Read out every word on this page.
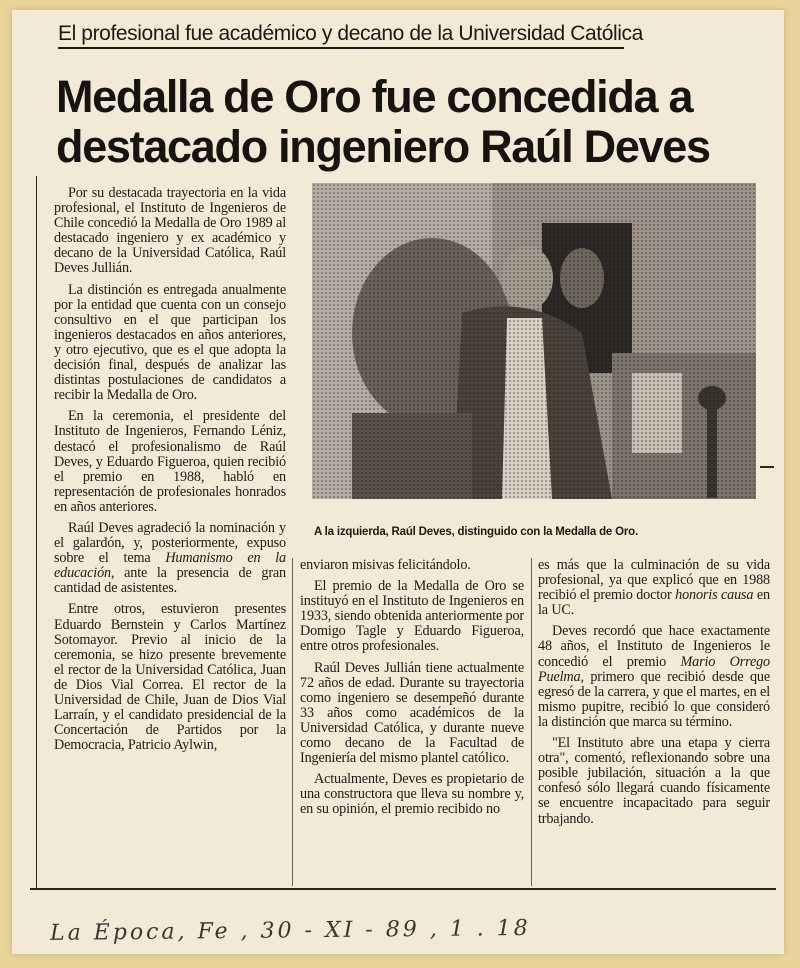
El profesional fue académico y decano de la Universidad Católica
Medalla de Oro fue concedida a
destacado ingeniero Raúl Deves

Por su destacada trayectoria en la vida profesional, el Instituto de Ingenieros de Chile concedió la Medalla de Oro 1989 al destacado ingeniero y ex académico y decano de la Universidad Católica, Raúl Deves Jullián.

La distinción es entregada anualmente por la entidad que cuenta con un consejo consultivo en el que participan los ingenieros destacados en años anteriores, y otro ejecutivo, que es el que adopta la decisión final, después de analizar las distintas postulaciones de candidatos a recibir la Medalla de Oro.

En la ceremonia, el presidente del Instituto de Ingenieros, Fernando Léniz, destacó el profesionalismo de Raúl Deves, y Eduardo Figueroa, quien recibió el premio en 1988, habló en representación de profesionales honrados en años anteriores.

Raúl Deves agradeció la nominación y el galardón, y, posteriormente, expuso sobre el tema Humanismo en la educación, ante la presencia de gran cantidad de asistentes.

Entre otros, estuvieron presentes Eduardo Bernstein y Carlos Martínez Sotomayor. Previo al inicio de la ceremonia, se hizo presente brevemente el rector de la Universidad Católica, Juan de Dios Vial Correa. El rector de la Universidad de Chile, Juan de Dios Vial Larraín, y el candidato presidencial de la Concertación de Partidos por la Democracia, Patricio Aylwin,

A la izquierda, Raúl Deves, distinguido con la Medalla de Oro.

enviaron misivas felicitándolo.

El premio de la Medalla de Oro se instituyó en el Instituto de Ingenieros en 1933, siendo obtenida anteriormente por Domigo Tagle y Eduardo Figueroa, entre otros profesionales.

Raúl Deves Jullián tiene actualmente 72 años de edad. Durante su trayectoria como ingeniero se desempeñó durante 33 años como académicos de la Universidad Católica, y durante nueve como decano de la Facultad de Ingeniería del mismo plantel católico.

Actualmente, Deves es propietario de una constructora que lleva su nombre y, en su opinión, el premio recibido no

es más que la culminación de su vida profesional, ya que explicó que en 1988 recibió el premio doctor honoris causa en la UC.

Deves recordó que hace exactamente 48 años, el Instituto de Ingenieros le concedió el premio Mario Orrego Puelma, primero que recibió desde que egresó de la carrera, y que el martes, en el mismo pupitre, recibió lo que consideró la distinción que marca su término.

"El Instituto abre una etapa y cierra otra", comentó, reflexionando sobre una posible jubilación, situación a la que confesó sólo llegará cuando físicamente se encuentre incapacitado para seguir trbajando.

La Época, Fe , 30 - XI - 89 , 1 . 18
